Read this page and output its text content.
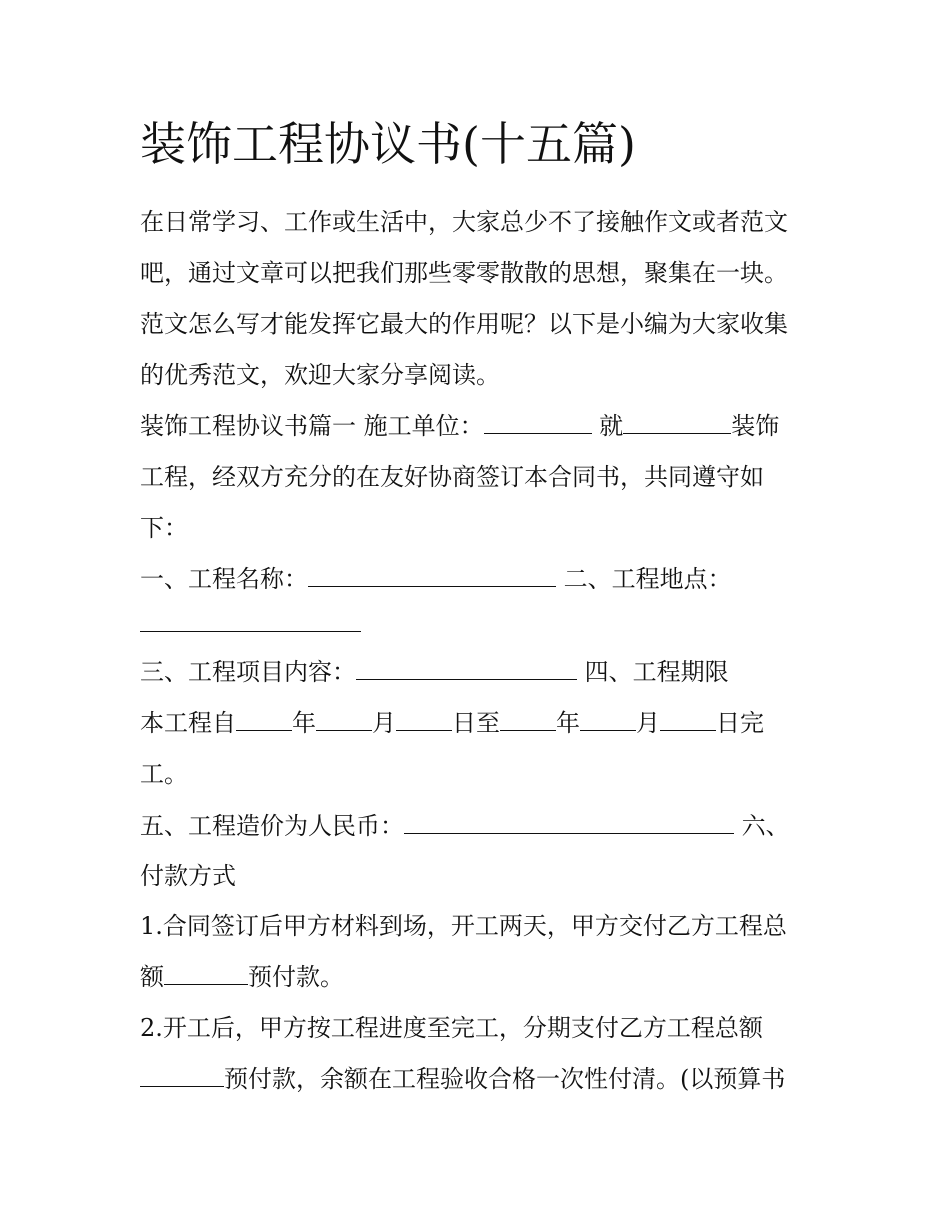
装饰工程协议书(十五篇)
在日常学习、工作或生活中，大家总少不了接触作文或者范文
吧，通过文章可以把我们那些零零散散的思想，聚集在一块。
范文怎么写才能发挥它最大的作用呢？以下是小编为大家收集
的优秀范文，欢迎大家分享阅读。
装饰工程协议书篇一 施工单位：	就	装饰
工程，经双方充分的在友好协商签订本合同书，共同遵守如
下：
一、工程名称：	二、工程地点：
三、工程项目内容：	四、工程期限
本工程自 年 月 日至 年 月 日完
工。
五、工程造价为人民币：	六、
付款方式
1.合同签订后甲方材料到场，开工两天，甲方交付乙方工程总
额	预付款。
2.开工后，甲方按工程进度至完工，分期支付乙方工程总额
预付款，余额在工程验收合格一次性付清。(以预算书
